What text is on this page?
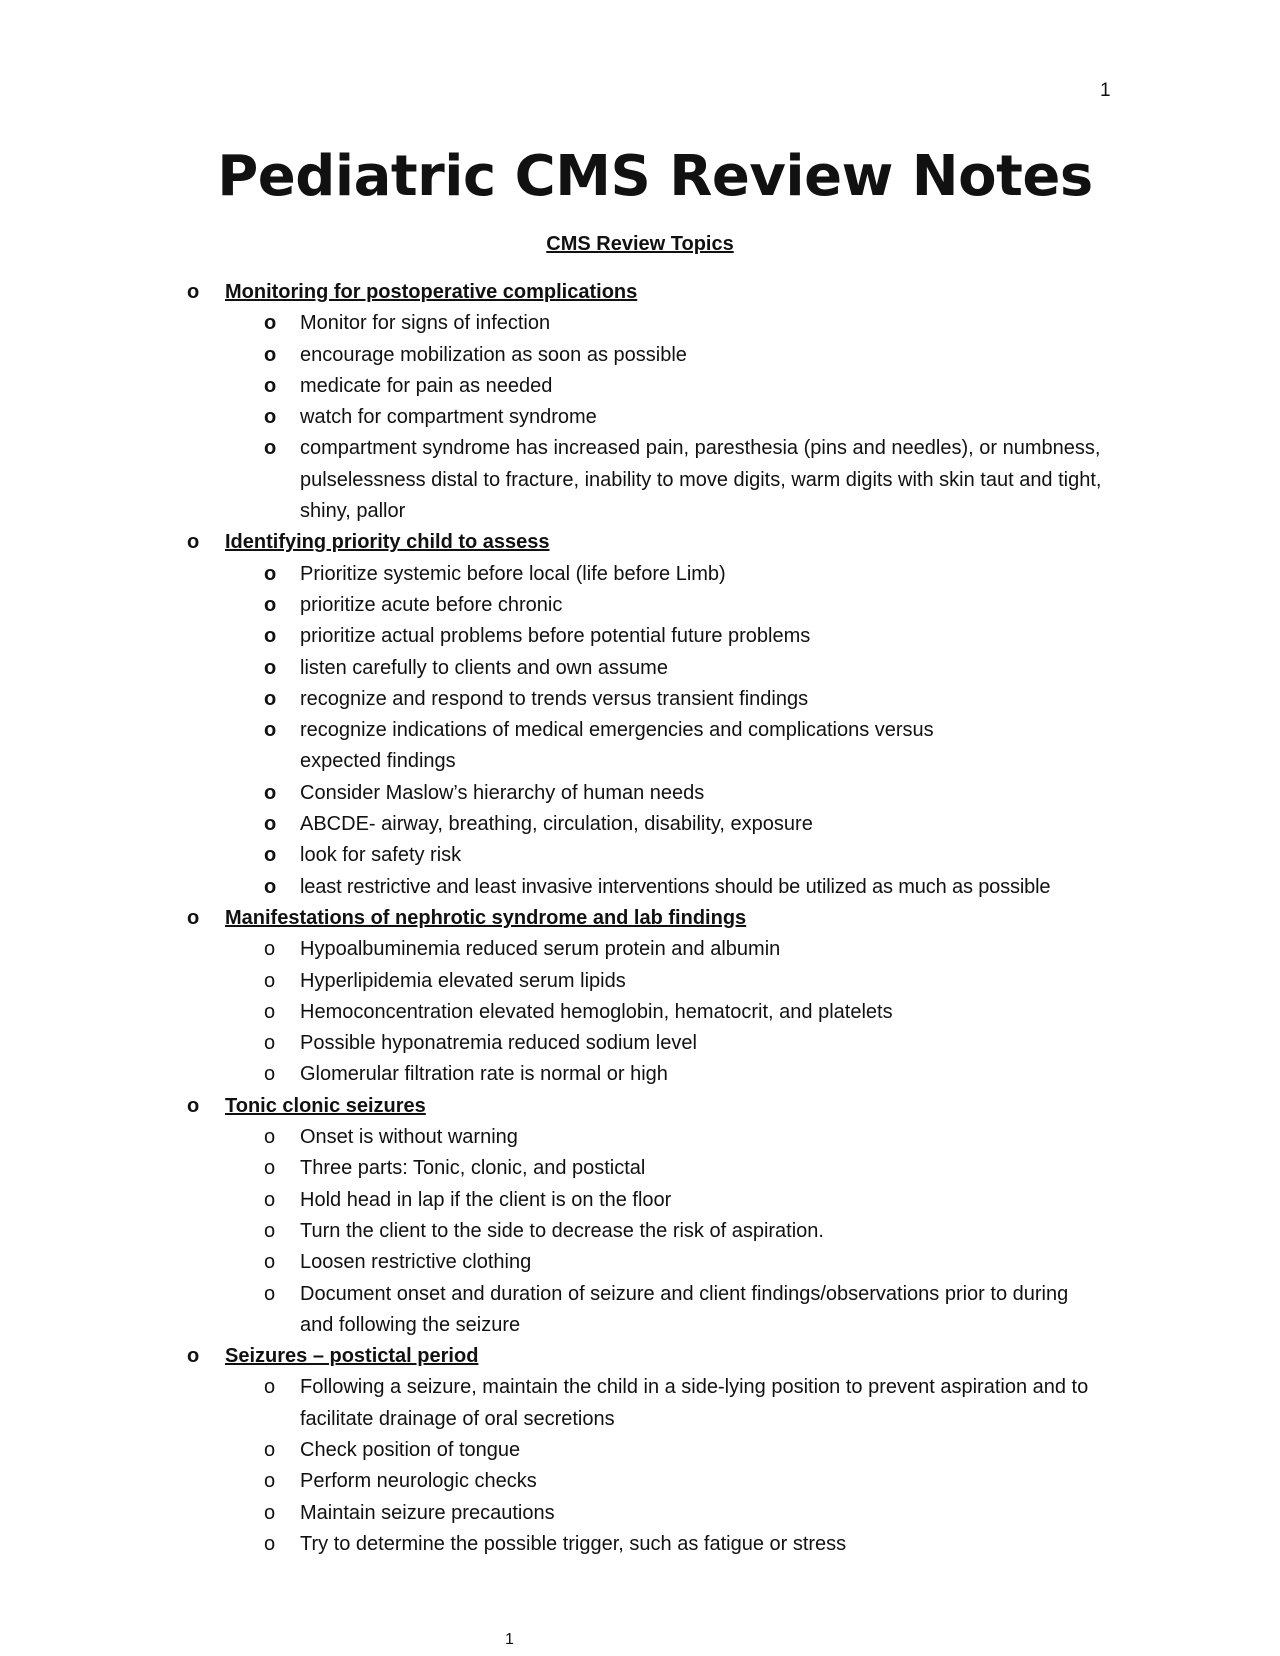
1
Pediatric CMS Review Notes
CMS Review Topics
o Monitoring for postoperative complications
o Monitor for signs of infection
o encourage mobilization as soon as possible
o medicate for pain as needed
o watch for compartment syndrome
o compartment syndrome has increased pain, paresthesia (pins and needles), or numbness, pulselessness distal to fracture, inability to move digits, warm digits with skin taut and tight, shiny, pallor
o Identifying priority child to assess
o Prioritize systemic before local (life before Limb)
o prioritize acute before chronic
o prioritize actual problems before potential future problems
o listen carefully to clients and own assume
o recognize and respond to trends versus transient findings
o recognize indications of medical emergencies and complications versus expected findings
o Consider Maslow’s hierarchy of human needs
o ABCDE- airway, breathing, circulation, disability, exposure
o look for safety risk
o least restrictive and least invasive interventions should be utilized as much as possible
o Manifestations of nephrotic syndrome and lab findings
o Hypoalbuminemia reduced serum protein and albumin
o Hyperlipidemia elevated serum lipids
o Hemoconcentration elevated hemoglobin, hematocrit, and platelets
o Possible hyponatremia reduced sodium level
o Glomerular filtration rate is normal or high
o Tonic clonic seizures
o Onset is without warning
o Three parts: Tonic, clonic, and postictal
o Hold head in lap if the client is on the floor
o Turn the client to the side to decrease the risk of aspiration.
o Loosen restrictive clothing
o Document onset and duration of seizure and client findings/observations prior to during and following the seizure
o Seizures – postictal period
o Following a seizure, maintain the child in a side-lying position to prevent aspiration and to facilitate drainage of oral secretions
o Check position of tongue
o Perform neurologic checks
o Maintain seizure precautions
o Try to determine the possible trigger, such as fatigue or stress
1
